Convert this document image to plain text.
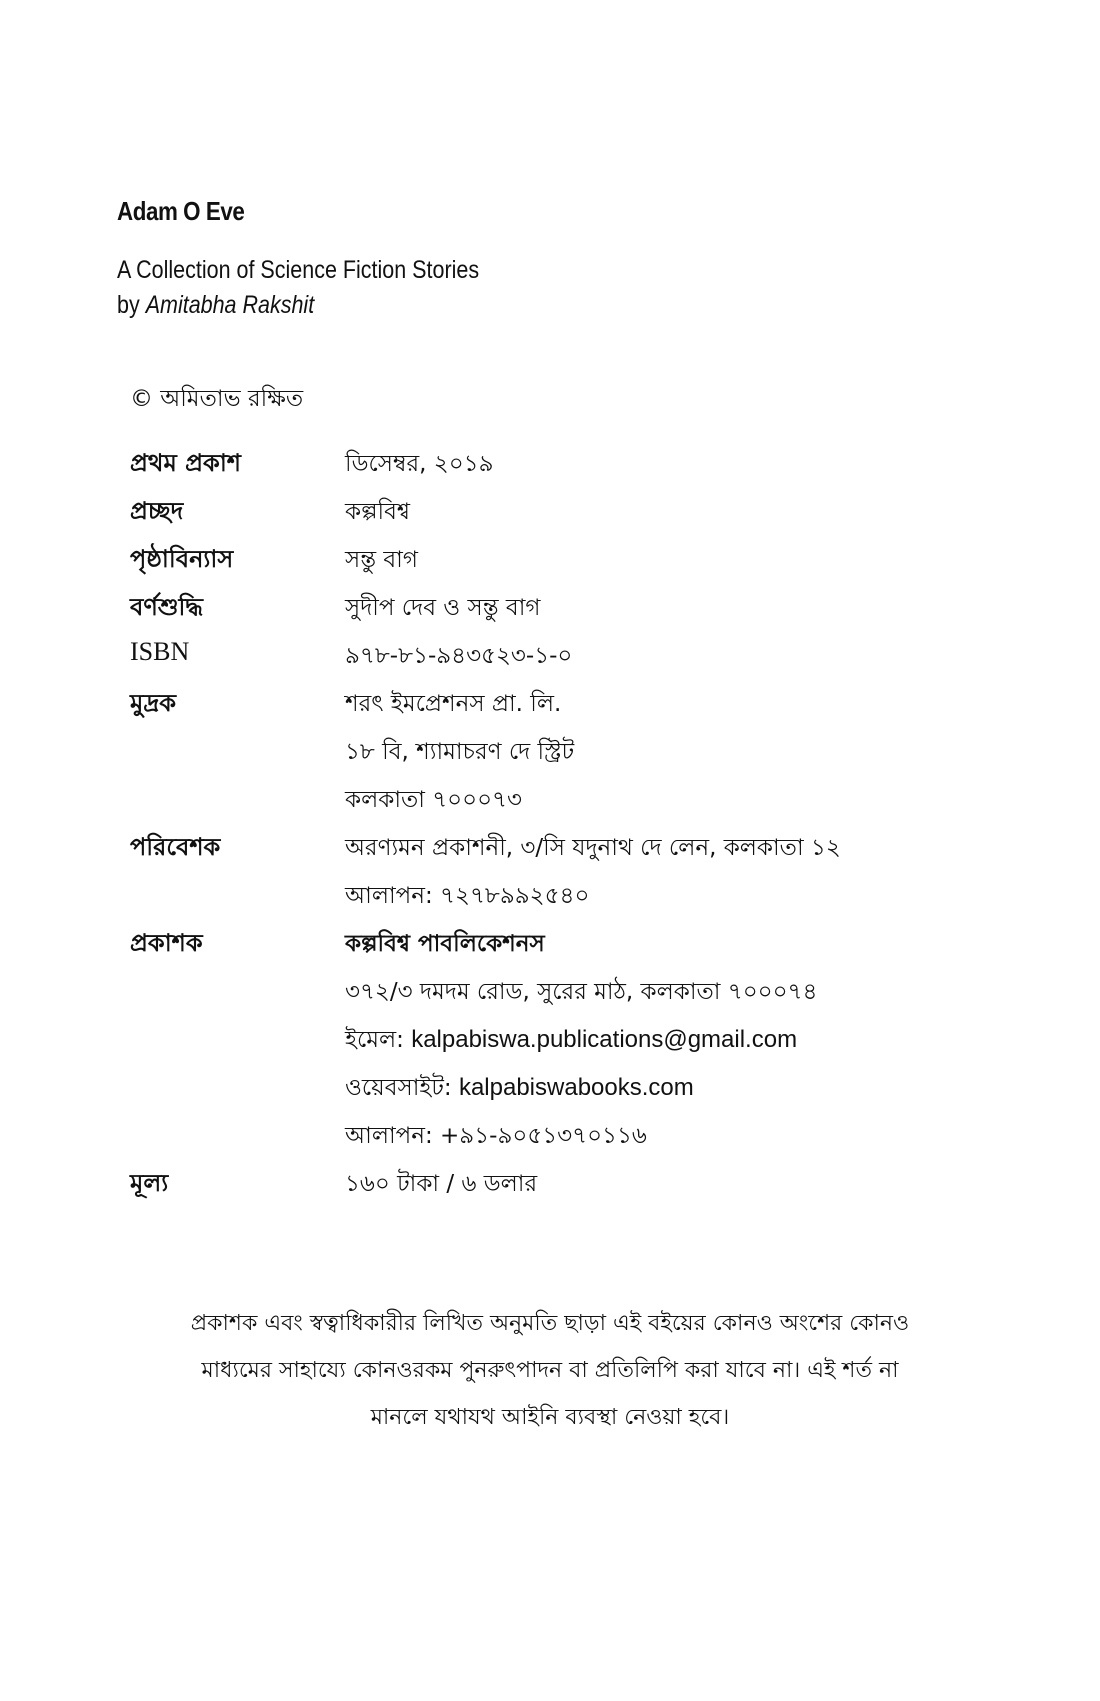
Adam O Eve
A Collection of Science Fiction Stories
by Amitabha Rakshit
© অমিতাভ রক্ষিত
প্রথম প্রকাশ	ডিসেম্বর, ২০১৯
প্রচ্ছদ	কল্পবিশ্ব
পৃষ্ঠাবিন্যাস	সন্তু বাগ
বর্ণশুদ্ধি	সুদীপ দেব ও সন্তু বাগ
ISBN	৯৭৮-৮১-৯৪৩৫২৩-১-০
মুদ্রক	শরৎ ইমপ্রেশনস প্রা. লি.
১৮ বি, শ্যামাচরণ দে স্ট্রিট
কলকাতা ৭০০০৭৩
পরিবেশক	অরণ্যমন প্রকাশনী, ৩/সি যদুনাথ দে লেন, কলকাতা ১২
আলাপন: ৭২৭৮৯৯২৫৪০
প্রকাশক	কল্পবিশ্ব পাবলিকেশনস
৩৭২/৩ দমদম রোড, সুরের মাঠ, কলকাতা ৭০০০৭৪
ইমেল: kalpabiswa.publications@gmail.com
ওয়েবসাইট: kalpabiswabooks.com
আলাপন: +৯১-৯০৫১৩৭০১১৬
মূল্য	১৬০ টাকা / ৬ ডলার

প্রকাশক এবং স্বত্বাধিকারীর লিখিত অনুমতি ছাড়া এই বইয়ের কোনও অংশের কোনও

মাধ্যমের সাহায্যে কোনওরকম পুনরুৎপাদন বা প্রতিলিপি করা যাবে না। এই শর্ত না

মানলে যথাযথ আইনি ব্যবস্থা নেওয়া হবে।
